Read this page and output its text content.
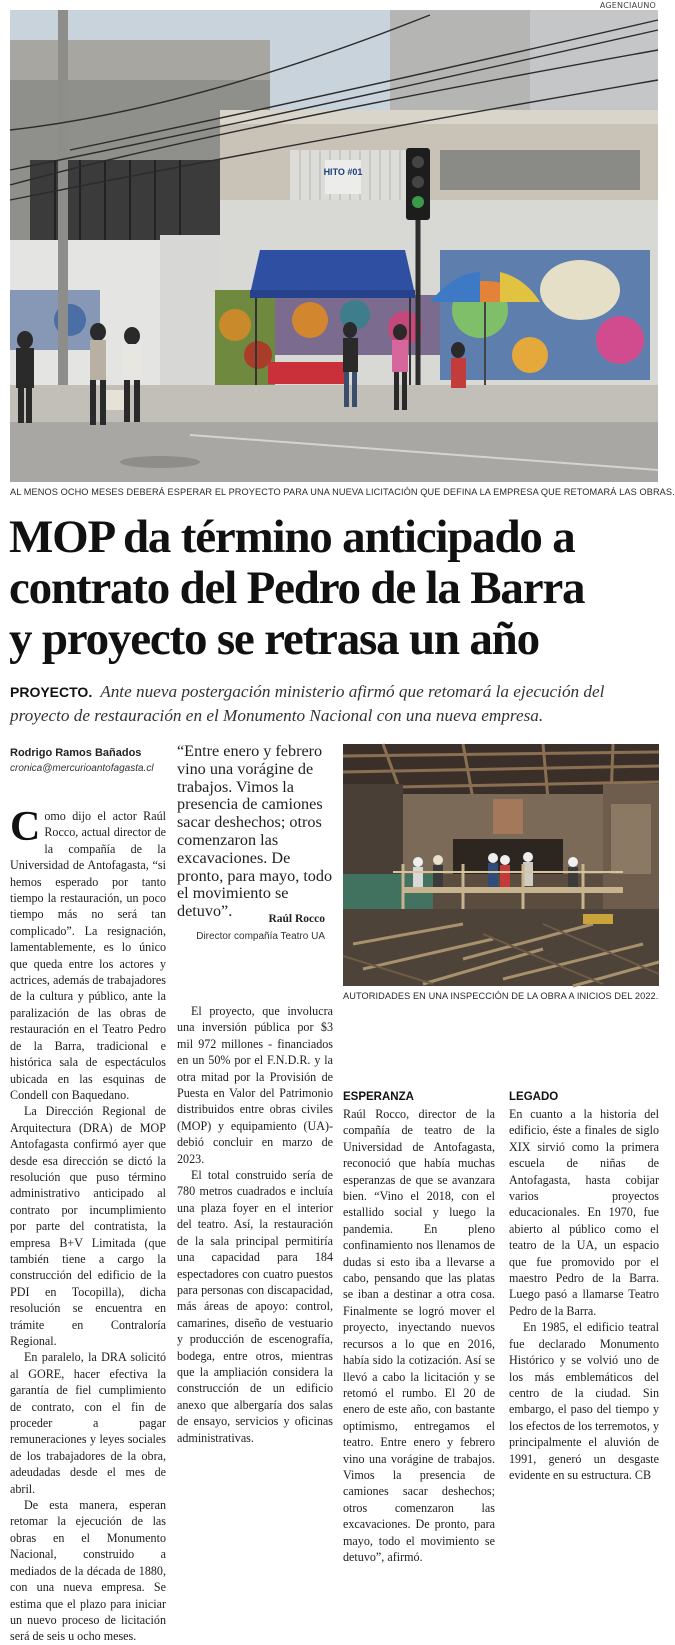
AGENCIAUNO
HITO #01
AL MENOS OCHO MESES DEBERÁ ESPERAR EL PROYECTO PARA UNA NUEVA LICITACIÓN QUE DEFINA LA EMPRESA QUE RETOMARÁ LAS OBRAS.
MOP da término anticipado a
contrato del Pedro de la Barra
y proyecto se retrasa un año
PROYECTO. Ante nueva postergación ministerio afirmó que retomará la ejecución del proyecto de restauración en el Monumento Nacional con una nueva empresa.
Rodrigo Ramos Bañados
cronica@mercurioantofagasta.cl
“Entre enero y febrero vino una vorágine de trabajos. Vimos la presencia de camiones sacar deshechos; otros comenzaron las excavaciones. De pronto, para mayo, todo el movimiento se detuvo”.	Raúl Rocco
Director compañía Teatro UA
AUTORIDADES EN UNA INSPECCIÓN DE LA OBRA A INICIOS DEL 2022.

Como dijo el actor Raúl Rocco, actual director de la compañía de la Universidad de Antofagasta, “si hemos esperado por tanto tiempo la restauración, un poco tiempo más no será tan complicado”. La resignación, lamentablemente, es lo único que queda entre los actores y actrices, además de trabajadores de la cultura y público, ante la paralización de las obras de restauración en el Teatro Pedro de la Barra, tradicional e histórica sala de espectáculos ubicada en las esquinas de Condell con Baquedano.

La Dirección Regional de Arquitectura (DRA) de MOP Antofagasta confirmó ayer que desde esa dirección se dictó la resolución que puso término administrativo anticipado al contrato por incumplimiento por parte del contratista, la empresa B+V Limitada (que también tiene a cargo la construcción del edificio de la PDI en Tocopilla), dicha resolución se encuentra en trámite en Contraloría Regional.

En paralelo, la DRA solicitó al GORE, hacer efectiva la garantía de fiel cumplimiento de contrato, con el fin de proceder a pagar remuneraciones y leyes sociales de los trabajadores de la obra, adeudadas desde el mes de abril.

De esta manera, esperan retomar la ejecución de las obras en el Monumento Nacional, construido a mediados de la década de 1880, con una nueva empresa. Se estima que el plazo para iniciar un nuevo proceso de licitación será de seis u ocho meses.

El proyecto, que involucra una inversión pública por $3 mil 972 millones - financiados en un 50% por el F.N.D.R. y la otra mitad por la Provisión de Puesta en Valor del Patrimonio distribuidos entre obras civiles (MOP) y equipamiento (UA)- debió concluir en marzo de 2023.

El total construido sería de 780 metros cuadrados e incluía una plaza foyer en el interior del teatro. Así, la restauración de la sala principal permitiría una capacidad para 184 espectadores con cuatro puestos para personas con discapacidad, más áreas de apoyo: control, camarines, diseño de vestuario y producción de escenografía, bodega, entre otros, mientras que la ampliación considera la construcción de un edificio anexo que albergaría dos salas de ensayo, servicios y oficinas administrativas.

ESPERANZA

Raúl Rocco, director de la compañía de teatro de la Universidad de Antofagasta, reconoció que había muchas esperanzas de que se avanzara bien. “Vino el 2018, con el estallido social y luego la pandemia. En pleno confinamiento nos llenamos de dudas si esto iba a llevarse a cabo, pensando que las platas se iban a destinar a otra cosa. Finalmente se logró mover el proyecto, inyectando nuevos recursos a lo que en 2016, había sido la cotización. Así se llevó a cabo la licitación y se retomó el rumbo. El 20 de enero de este año, con bastante optimismo, entregamos el teatro. Entre enero y febrero vino una vorágine de trabajos. Vimos la presencia de camiones sacar deshechos; otros comenzaron las excavaciones. De pronto, para mayo, todo el movimiento se detuvo”, afirmó.

LEGADO

En cuanto a la historia del edificio, éste a finales de siglo XIX sirvió como la primera escuela de niñas de Antofagasta, hasta cobijar varios proyectos educacionales. En 1970, fue abierto al público como el teatro de la UA, un espacio que fue promovido por el maestro Pedro de la Barra. Luego pasó a llamarse Teatro Pedro de la Barra.

En 1985, el edificio teatral fue declarado Monumento Histórico y se volvió uno de los más emblemáticos del centro de la ciudad. Sin embargo, el paso del tiempo y los efectos de los terremotos, y principalmente el aluvión de 1991, generó un desgaste evidente en su estructura. CB
